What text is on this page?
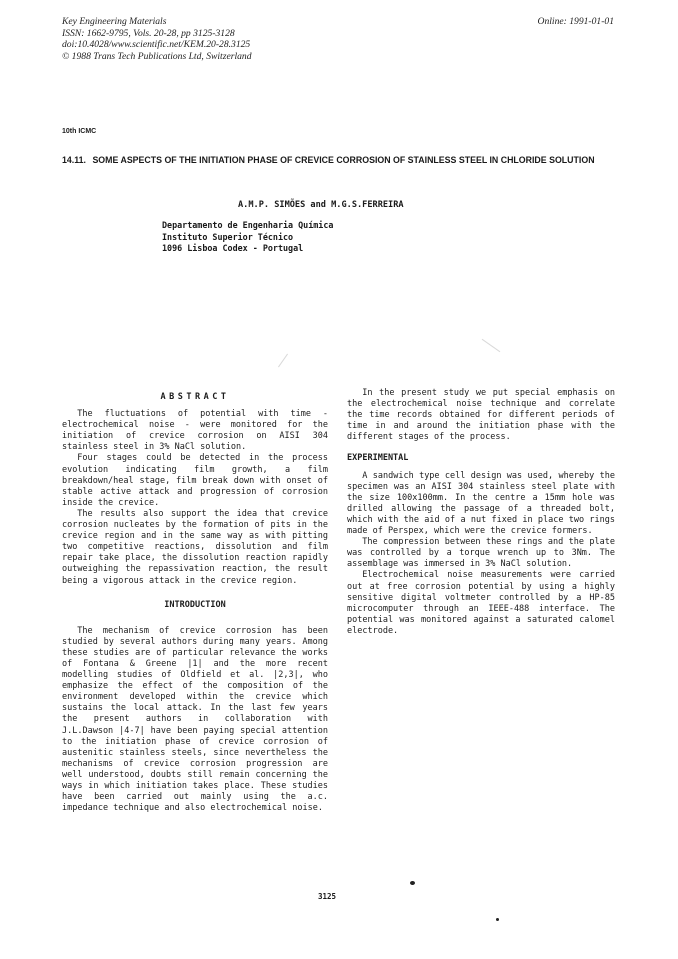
Key Engineering Materials
ISSN: 1662-9795, Vols. 20-28, pp 3125-3128
doi:10.4028/www.scientific.net/KEM.20-28.3125
© 1988 Trans Tech Publications Ltd, Switzerland
Online: 1991-01-01
10th ICMC
14.11. SOME ASPECTS OF THE INITIATION PHASE OF CREVICE CORROSION OF STAINLESS STEEL IN CHLORIDE SOLUTION
A.M.P. SIMÕES and M.G.S.FERREIRA
Departamento de Engenharia Química
Instituto Superior Técnico
1096 Lisboa Codex - Portugal
ABSTRACT

The fluctuations of potential with time - electrochemical noise - were monitored for the initiation of crevice corrosion on AISI 304 stainless steel in 3% NaCl solution.

Four stages could be detected in the process evolution indicating film growth, a film breakdown/heal stage, film break down with onset of stable active attack and progression of corrosion inside the crevice.

The results also support the idea that crevice corrosion nucleates by the formation of pits in the crevice region and in the same way as with pitting two competitive reactions, dissolution and film repair take place, the dissolution reaction rapidly outweighing the repassivation reaction, the result being a vigorous attack in the crevice region.

INTRODUCTION

The mechanism of crevice corrosion has been studied by several authors during many years. Among these studies are of particular relevance the works of Fontana & Greene |1| and the more recent modelling studies of Oldfield et al. |2,3|, who emphasize the effect of the composition of the environment developed within the crevice which sustains the local attack. In the last few years the present authors in collaboration with J.L.Dawson |4-7| have been paying special attention to the initiation phase of crevice corrosion of austenitic stainless steels, since nevertheless the mechanisms of crevice corrosion progression are well understood, doubts still remain concerning the ways in which initiation takes place. These studies have been carried out mainly using the a.c. impedance technique and also electrochemical noise.

In the present study we put special emphasis on the electrochemical noise technique and correlate the time records obtained for different periods of time in and around the initiation phase with the different stages of the process.

EXPERIMENTAL

A sandwich type cell design was used, whereby the specimen was an AISI 304 stainless steel plate with the size 100x100mm. In the centre a 15mm hole was drilled allowing the passage of a threaded bolt, which with the aid of a nut fixed in place two rings made of Perspex, which were the crevice formers.

The compression between these rings and the plate was controlled by a torque wrench up to 3Nm. The assemblage was immersed in 3% NaCl solution.

Electrochemical noise measurements were carried out at free corrosion potential by using a highly sensitive digital voltmeter controlled by a HP-85 microcomputer through an IEEE-488 interface. The potential was monitored against a saturated calomel electrode.

3125
